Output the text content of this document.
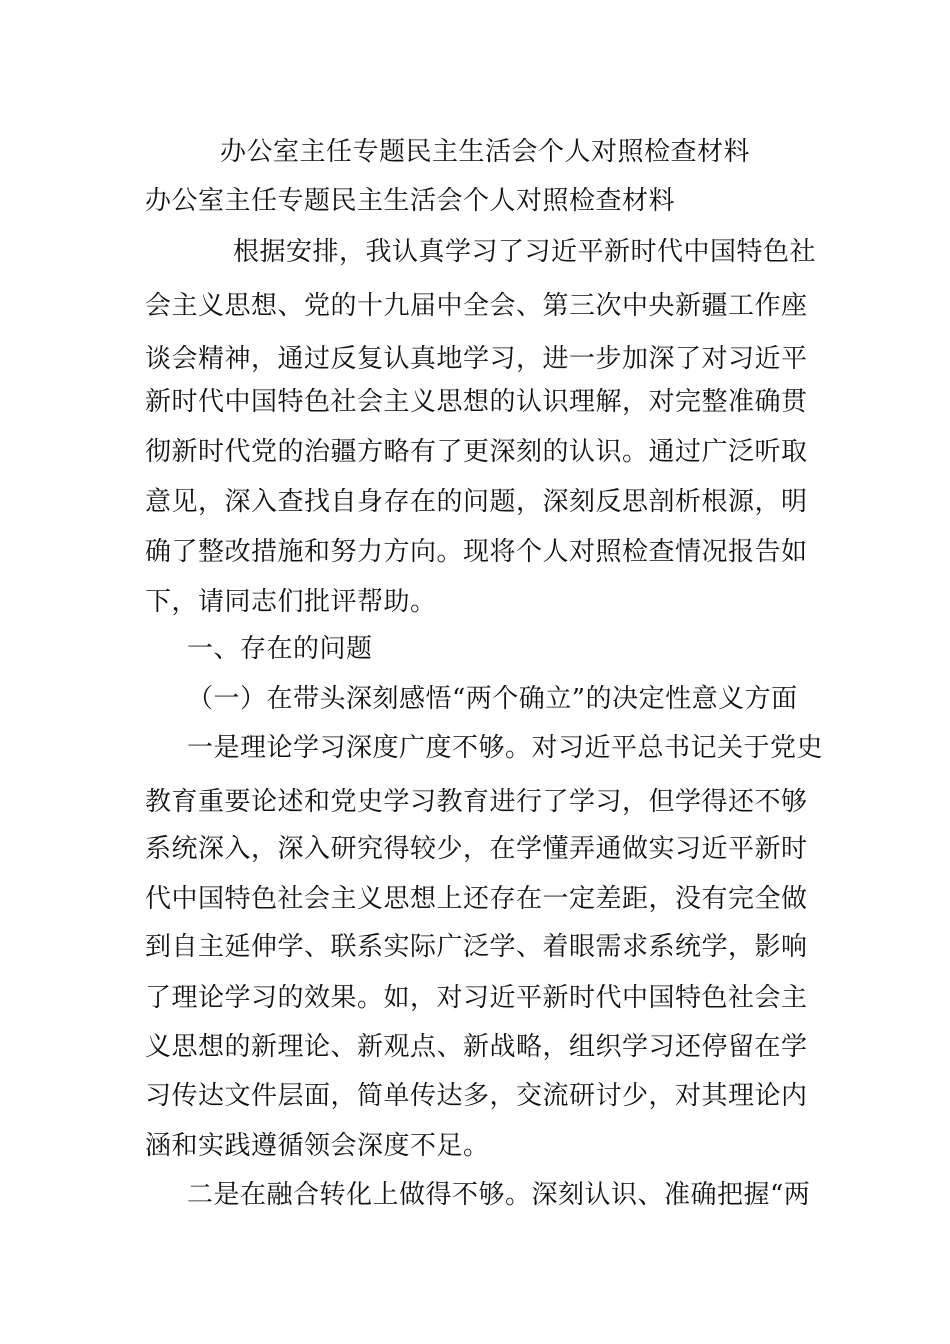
办公室主任专题民主生活会个人对照检查材料
办公室主任专题民主生活会个人对照检查材料
根据安排，我认真学习了习近平新时代中国特色社
会主义思想、党的十九届中全会、第三次中央新疆工作座
谈会精神，通过反复认真地学习，进一步加深了对习近平
新时代中国特色社会主义思想的认识理解，对完整准确贯
彻新时代党的治疆方略有了更深刻的认识。通过广泛听取
意见，深入查找自身存在的问题，深刻反思剖析根源，明
确了整改措施和努力方向。现将个人对照检查情况报告如
下，请同志们批评帮助。
一、存在的问题
（一）在带头深刻感悟“两个确立”的决定性意义方面
一是理论学习深度广度不够。对习近平总书记关于党史
教育重要论述和党史学习教育进行了学习，但学得还不够
系统深入，深入研究得较少，在学懂弄通做实习近平新时
代中国特色社会主义思想上还存在一定差距，没有完全做
到自主延伸学、联系实际广泛学、着眼需求系统学，影响
了理论学习的效果。如，对习近平新时代中国特色社会主
义思想的新理论、新观点、新战略，组织学习还停留在学
习传达文件层面，简单传达多，交流研讨少，对其理论内
涵和实践遵循领会深度不足。
二是在融合转化上做得不够。深刻认识、准确把握“两
